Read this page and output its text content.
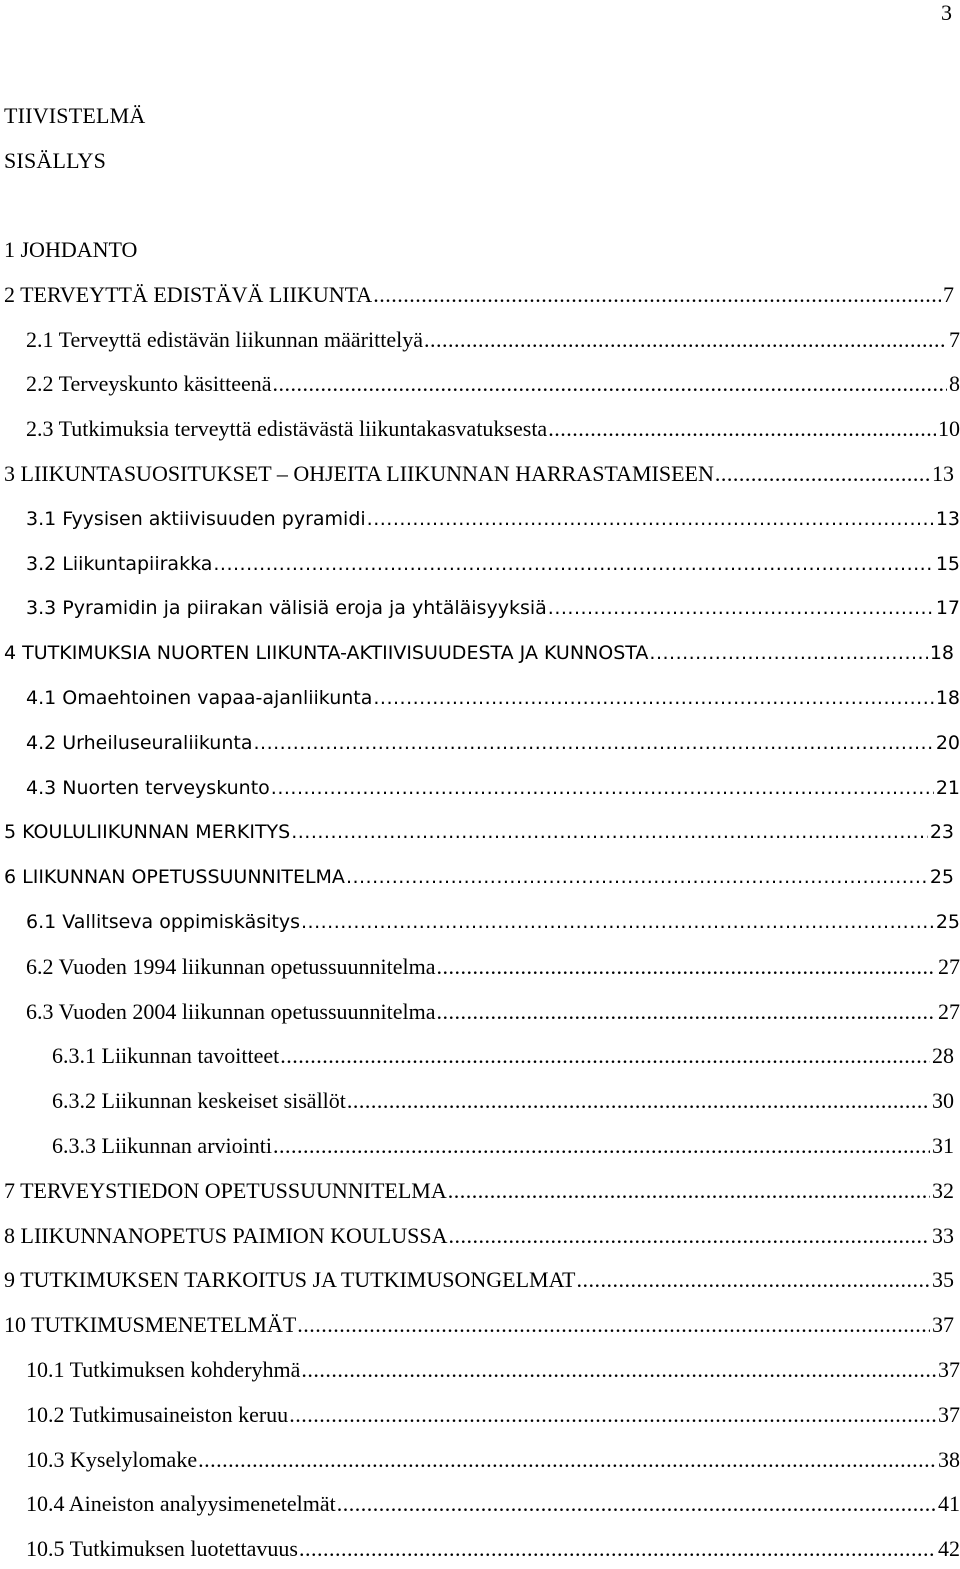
3
TIIVISTELMÄ
SISÄLLYS
1 JOHDANTO
2 TERVEYTTÄ EDISTÄVÄ LIIKUNTA .....	7
2.1 Terveyttä edistävän liikunnan määrittelyä .....	7
2.2 Terveyskunto käsitteenä .....	8
2.3 Tutkimuksia terveyttä edistävästä liikuntakasvatuksesta .....	10
3 LIIKUNTASUOSITUKSET – OHJEITA LIIKUNNAN HARRASTAMISEEN .....	13
3.1 Fyysisen aktiivisuuden pyramidi .....	13
3.2 Liikuntapiirakka .....	15
3.3 Pyramidin ja piirakan välisiä eroja ja yhtäläisyyksiä .....	17
4 TUTKIMUKSIA NUORTEN LIIKUNTA-AKTIIVISUUDESTA JA KUNNOSTA .....	18
4.1 Omaehtoinen vapaa-ajanliikunta .....	18
4.2 Urheiluseuraliikunta .....	20
4.3 Nuorten terveyskunto .....	21
5 KOULULIIKUNNAN MERKITYS .....	23
6 LIIKUNNAN OPETUSSUUNNITELMA .....	25
6.1 Vallitseva oppimiskäsitys .....	25
6.2 Vuoden 1994 liikunnan opetussuunnitelma .....	27
6.3 Vuoden 2004 liikunnan opetussuunnitelma .....	27
6.3.1 Liikunnan tavoitteet .....	28
6.3.2 Liikunnan keskeiset sisällöt .....	30
6.3.3 Liikunnan arviointi .....	31
7 TERVEYSTIEDON OPETUSSUUNNITELMA .....	32
8 LIIKUNNANOPETUS PAIMION KOULUSSA .....	33
9 TUTKIMUKSEN TARKOITUS JA TUTKIMUSONGELMAT .....	35
10 TUTKIMUSMENETELMÄT .....	37
10.1 Tutkimuksen kohderyhmä .....	37
10.2 Tutkimusaineiston keruu .....	37
10.3 Kyselylomake .....	38
10.4 Aineiston analyysimenetelmät .....	41
10.5 Tutkimuksen luotettavuus .....	42
